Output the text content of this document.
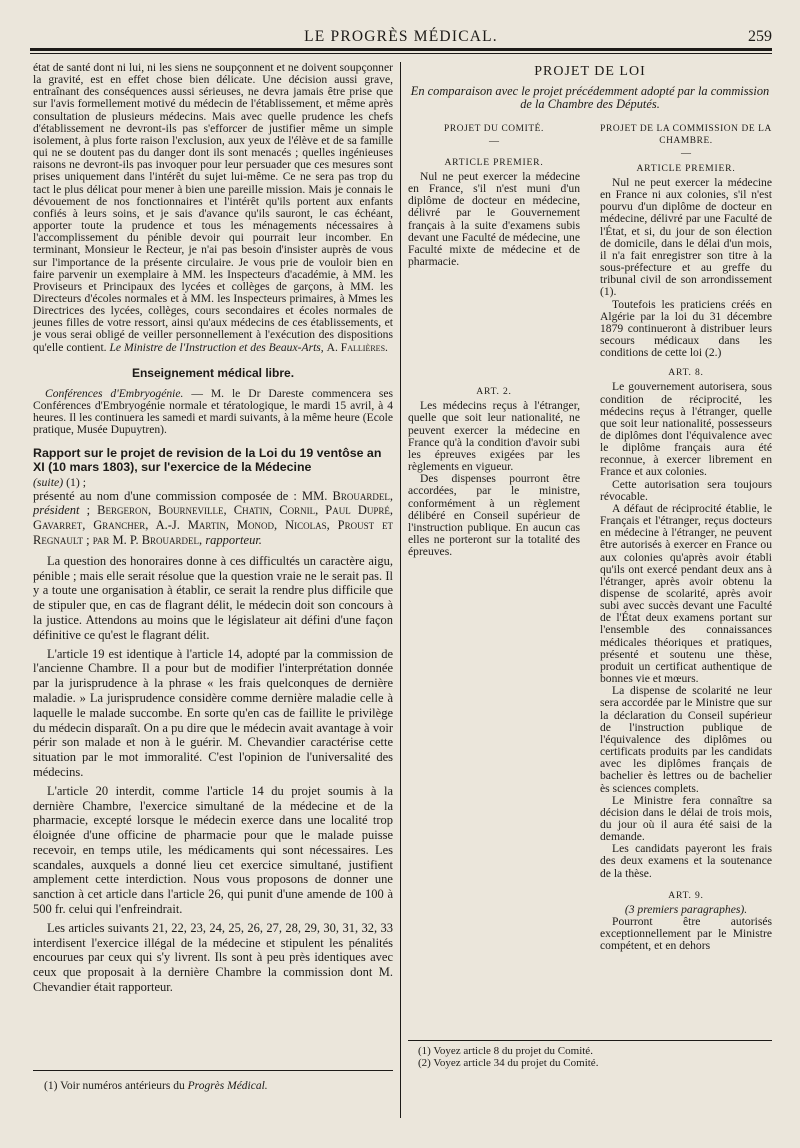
LE PROGRÈS MÉDICAL.	259

état de santé dont ni lui, ni les siens ne soupçonnent et ne doivent soupçonner la gravité, est en effet chose bien délicate. Une décision aussi grave, entraînant des conséquences aussi sérieuses, ne devra jamais être prise que sur l'avis formellement motivé du médecin de l'établissement, et même après consultation de plusieurs médecins. Mais avec quelle prudence les chefs d'établissement ne devront-ils pas s'efforcer de justifier même un simple isolement, à plus forte raison l'exclusion, aux yeux de l'élève et de sa famille qui ne se doutent pas du danger dont ils sont menacés ; quelles ingénieuses raisons ne devront-ils pas invoquer pour leur persuader que ces mesures sont prises uniquement dans l'intérêt du sujet lui-même. Ce ne sera pas trop du tact le plus délicat pour mener à bien une pareille mission. Mais je connais le dévouement de nos fonctionnaires et l'intérêt qu'ils portent aux enfants confiés à leurs soins, et je sais d'avance qu'ils sauront, le cas échéant, apporter toute la prudence et tous les ménagements nécessaires à l'accomplissement du pénible devoir qui pourrait leur incomber. En terminant, Monsieur le Recteur, je n'ai pas besoin d'insister auprès de vous sur l'importance de la présente circulaire. Je vous prie de vouloir bien en faire parvenir un exemplaire à MM. les Inspecteurs d'académie, à MM. les Proviseurs et Principaux des lycées et collèges de garçons, à MM. les Directeurs d'écoles normales et à MM. les Inspecteurs primaires, à Mmes les Directrices des lycées, collèges, cours secondaires et écoles normales de jeunes filles de votre ressort, ainsi qu'aux médecins de ces établissements, et je vous serai obligé de veiller personnellement à l'exécution des dispositions qu'elle contient. Le Ministre de l'Instruction et des Beaux-Arts, A. Fallières.

Enseignement médical libre.

Conférences d'Embryogénie. — M. le Dr Dareste commencera ses Conférences d'Embryogénie normale et tératologique, le mardi 15 avril, à 4 heures. Il les continuera les samedi et mardi suivants, à la même heure (Ecole pratique, Musée Dupuytren).

Rapport sur le projet de revision de la Loi du 19 ventôse an XI (10 mars 1803), sur l'exercice de la Médecine

(suite) (1) ;

présenté au nom d'une commission composée de : MM. Brouardel, président ; Bergeron, Bourneville, Chatin, Cornil, Paul Dupré, Gavarret, Grancher, A.-J. Martin, Monod, Nicolas, Proust et Regnault ; par M. P. Brouardel, rapporteur.

La question des honoraires donne à ces difficultés un caractère aigu, pénible ; mais elle serait résolue que la question vraie ne le serait pas. Il y a toute une organisation à établir, ce serait la rendre plus difficile que de stipuler que, en cas de flagrant délit, le médecin doit son concours à la justice. Attendons au moins que le législateur ait défini d'une façon définitive ce qu'est le flagrant délit.

L'article 19 est identique à l'article 14, adopté par la commission de l'ancienne Chambre. Il a pour but de modifier l'interprétation donnée par la jurisprudence à la phrase « les frais quelconques de dernière maladie. » La jurisprudence considère comme dernière maladie celle à laquelle le malade succombe. En sorte qu'en cas de faillite le privilège du médecin disparaît. On a pu dire que le médecin avait avantage à voir périr son malade et non à le guérir. M. Chevandier caractérise cette situation par le mot immoralité. C'est l'opinion de l'universalité des médecins.

L'article 20 interdit, comme l'article 14 du projet soumis à la dernière Chambre, l'exercice simultané de la médecine et de la pharmacie, excepté lorsque le médecin exerce dans une localité trop éloignée d'une officine de pharmacie pour que le malade puisse recevoir, en temps utile, les médicaments qui sont nécessaires. Les scandales, auxquels a donné lieu cet exercice simultané, justifient amplement cette interdiction. Nous vous proposons de donner une sanction à cet article dans l'article 26, qui punit d'une amende de 100 à 500 fr. celui qui l'enfreindrait.

Les articles suivants 21, 22, 23, 24, 25, 26, 27, 28, 29, 30, 31, 32, 33 interdisent l'exercice illégal de la médecine et stipulent les pénalités encourues par ceux qui s'y livrent. Ils sont à peu près identiques avec ceux que proposait à la dernière Chambre la commission dont M. Chevandier était rapporteur.

(1) Voir numéros antérieurs du Progrès Médical.
PROJET DE LOI
En comparaison avec le projet précédemment adopté par la commission de la Chambre des Députés.

PROJET DU COMITÉ.

—

ARTICLE PREMIER.

Nul ne peut exercer la médecine en France, s'il n'est muni d'un diplôme de docteur en médecine, délivré par le Gouvernement français à la suite d'examens subis devant une Faculté de médecine, une Faculté mixte de médecine et de pharmacie.

ART. 2.

Les médecins reçus à l'étranger, quelle que soit leur nationalité, ne peuvent exercer la médecine en France qu'à la condition d'avoir subi les épreuves exigées par les règlements en vigueur.

Des dispenses pourront être accordées, par le ministre, conformément à un règlement délibéré en Conseil supérieur de l'instruction publique. En aucun cas elles ne porteront sur la totalité des épreuves.

PROJET DE LA COMMISSION DE LA CHAMBRE.

—

ARTICLE PREMIER.

Nul ne peut exercer la médecine en France ni aux colonies, s'il n'est pourvu d'un diplôme de docteur en médecine, délivré par une Faculté de l'État, et si, du jour de son élection de domicile, dans le délai d'un mois, il n'a fait enregistrer son titre à la sous-préfecture et au greffe du tribunal civil de son arrondissement (1).

Toutefois les praticiens créés en Algérie par la loi du 31 décembre 1879 continueront à distribuer leurs secours médicaux dans les conditions de cette loi (2.)

ART. 8.

Le gouvernement autorisera, sous condition de réciprocité, les médecins reçus à l'étranger, quelle que soit leur nationalité, possesseurs de diplômes dont l'équivalence avec le diplôme français aura été reconnue, à exercer librement en France et aux colonies.

Cette autorisation sera toujours révocable.

A défaut de réciprocité établie, le Français et l'étranger, reçus docteurs en médecine à l'étranger, ne peuvent être autorisés à exercer en France ou aux colonies qu'après avoir établi qu'ils ont exercé pendant deux ans à l'étranger, après avoir obtenu la dispense de scolarité, après avoir subi avec succès devant une Faculté de l'État deux examens portant sur l'ensemble des connaissances médicales théoriques et pratiques, présenté et soutenu une thèse, produit un certificat authentique de bonnes vie et mœurs.

La dispense de scolarité ne leur sera accordée par le Ministre que sur la déclaration du Conseil supérieur de l'instruction publique de l'équivalence des diplômes ou certificats produits par les candidats avec les diplômes français de bachelier ès lettres ou de bachelier ès sciences complets.

Le Ministre fera connaître sa décision dans le délai de trois mois, du jour où il aura été saisi de la demande.

Les candidats payeront les frais des deux examens et la soutenance de la thèse.

ART. 9.

(3 premiers paragraphes).

Pourront être autorisés exceptionnellement par le Ministre compétent, et en dehors

(1) Voyez article 8 du projet du Comité.
(2) Voyez article 34 du projet du Comité.
